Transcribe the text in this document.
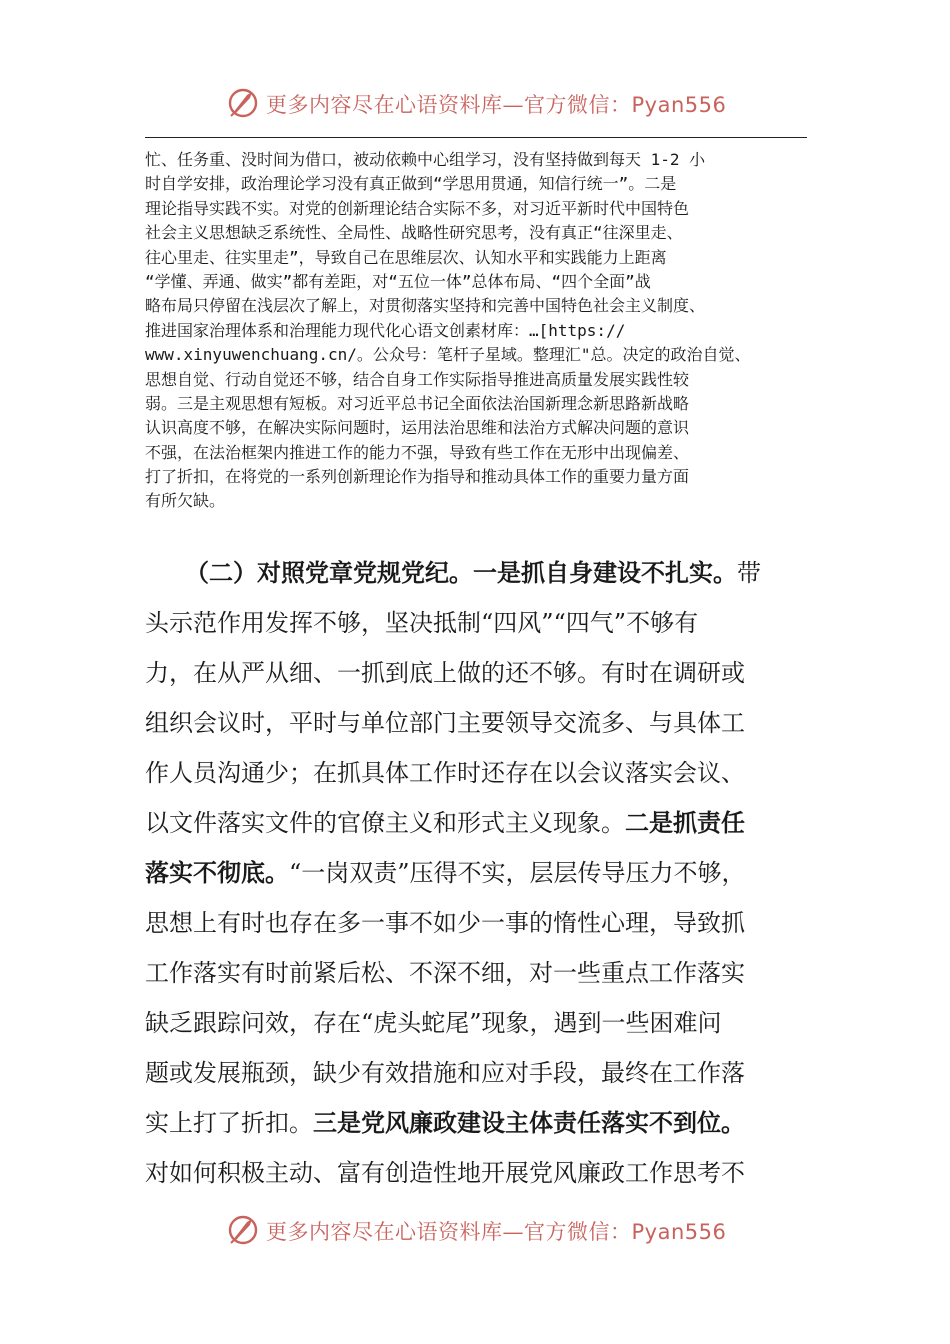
更多内容尽在心语资料库—官方微信：Pyan556
忙、任务重、没时间为借口，被动依赖中心组学习，没有坚持做到每天 1-2 小
时自学安排，政治理论学习没有真正做到“学思用贯通，知信行统一”。二是
理论指导实践不实。对党的创新理论结合实际不多，对习近平新时代中国特色
社会主义思想缺乏系统性、全局性、战略性研究思考，没有真正“往深里走、
往心里走、往实里走”，导致自己在思维层次、认知水平和实践能力上距离
“学懂、弄通、做实”都有差距，对“五位一体”总体布局、“四个全面”战
略布局只停留在浅层次了解上，对贯彻落实坚持和完善中国特色社会主义制度、
推进国家治理体系和治理能力现代化心语文创素材库：…[https://
www.xinyuwenchuang.cn/。公众号：笔杆子星域。整理汇"总。决定的政治自觉、
思想自觉、行动自觉还不够，结合自身工作实际指导推进高质量发展实践性较
弱。三是主观思想有短板。对习近平总书记全面依法治国新理念新思路新战略
认识高度不够，在解决实际问题时，运用法治思维和法治方式解决问题的意识
不强，在法治框架内推进工作的能力不强，导致有些工作在无形中出现偏差、
打了折扣，在将党的一系列创新理论作为指导和推动具体工作的重要力量方面
有所欠缺。
（二）对照党章党规党纪。一是抓自身建设不扎实。带
头示范作用发挥不够，坚决抵制“四风”“四气”不够有
力，在从严从细、一抓到底上做的还不够。有时在调研或
组织会议时，平时与单位部门主要领导交流多、与具体工
作人员沟通少；在抓具体工作时还存在以会议落实会议、
以文件落实文件的官僚主义和形式主义现象。二是抓责任
落实不彻底。“一岗双责”压得不实，层层传导压力不够，
思想上有时也存在多一事不如少一事的惰性心理，导致抓
工作落实有时前紧后松、不深不细，对一些重点工作落实
缺乏跟踪问效，存在“虎头蛇尾”现象，遇到一些困难问
题或发展瓶颈，缺少有效措施和应对手段，最终在工作落
实上打了折扣。三是党风廉政建设主体责任落实不到位。
对如何积极主动、富有创造性地开展党风廉政工作思考不
更多内容尽在心语资料库—官方微信：Pyan556
